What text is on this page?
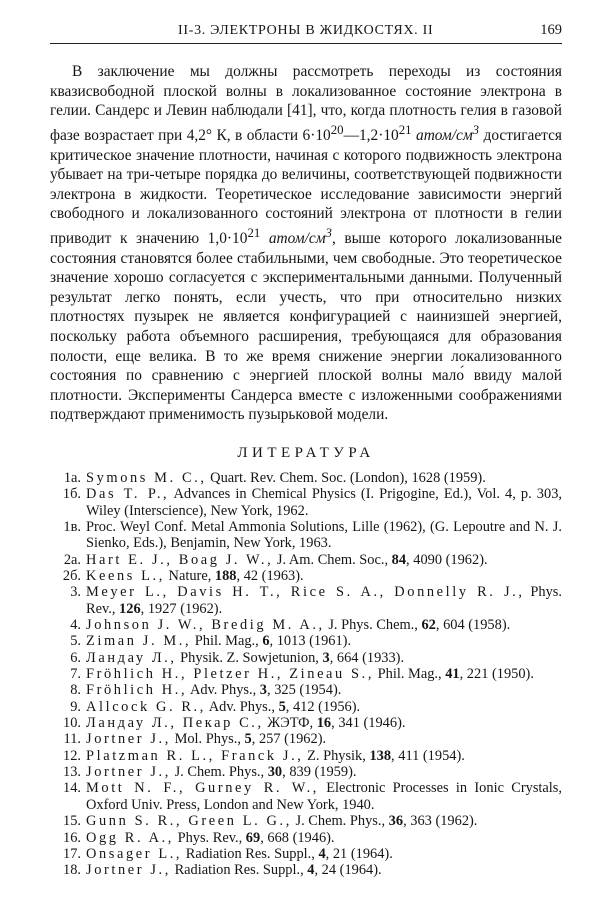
II-3. ЭЛЕКТРОНЫ В ЖИДКОСТЯХ. II	169

В заключение мы должны рассмотреть переходы из состояния квазисвободной плоской волны в локализованное состояние электрона в гелии. Сандерс и Левин наблюдали [41], что, когда плотность гелия в газовой фазе возрастает при 4,2° К, в области $6\cdot 10^{20}—1,2\cdot 10^{21}$ атом/$см^3$ достигается критическое значение плотности, начиная с которого подвижность электрона убывает на три-четыре порядка до величины, соответствующей подвижности электрона в жидкости. Теоретическое исследование зависимости энергий свободного и локализованного состояний электрона от плотности в гелии приводит к значению $1,0\cdot 10^{21}$ атом/$см^3$, выше которого локализованные состояния становятся более стабильными, чем свободные. Это теоретическое значение хорошо согласуется с экспериментальными данными. Полученный результат легко понять, если учесть, что при относительно низких плотностях пузырек не является конфигурацией с наинизшей энергией, поскольку работа объемного расширения, требующаяся для образования полости, еще велика. В то же время снижение энергии локализованного состояния по сравнению с энергией плоской волны мало́ ввиду малой плотности. Эксперименты Сандерса вместе с изложенными соображениями подтверждают применимость пузырьковой модели.

ЛИТЕРАТУРА
1а. Symons M. C., Quart. Rev. Chem. Soc. (London), 1628 (1959).
1б. Das T. P., Advances in Chemical Physics (I. Prigogine, Ed.), Vol. 4, p. 303, Wiley (Interscience), New York, 1962.
1в. Proc. Weyl Conf. Metal Ammonia Solutions, Lille (1962), (G. Lepoutre and N. J. Sienko, Eds.), Benjamin, New York, 1963.
2а. Hart E. J., Boag J. W., J. Am. Chem. Soc., 84, 4090 (1962).
2б. Keens L., Nature, 188, 42 (1963).
3. Meyer L., Davis H. T., Rice S. A., Donnelly R. J., Phys. Rev., 126, 1927 (1962).
4. Johnson J. W., Bredig M. A., J. Phys. Chem., 62, 604 (1958).
5. Ziman J. M., Phil. Mag., 6, 1013 (1961).
6. Ландау Л., Physik. Z. Sowjetunion, 3, 664 (1933).
7. Fröhlich H., Pletzer H., Zineau S., Phil. Mag., 41, 221 (1950).
8. Fröhlich H., Adv. Phys., 3, 325 (1954).
9. Allcock G. R., Adv. Phys., 5, 412 (1956).
10. Ландау Л., Пекар С., ЖЭТФ, 16, 341 (1946).
11. Jortner J., Mol. Phys., 5, 257 (1962).
12. Platzman R. L., Franck J., Z. Physik, 138, 411 (1954).
13. Jortner J., J. Chem. Phys., 30, 839 (1959).
14. Mott N. F., Gurney R. W., Electronic Processes in Ionic Crystals, Oxford Univ. Press, London and New York, 1940.
15. Gunn S. R., Green L. G., J. Chem. Phys., 36, 363 (1962).
16. Ogg R. A., Phys. Rev., 69, 668 (1946).
17. Onsager L., Radiation Res. Suppl., 4, 21 (1964).
18. Jortner J., Radiation Res. Suppl., 4, 24 (1964).
